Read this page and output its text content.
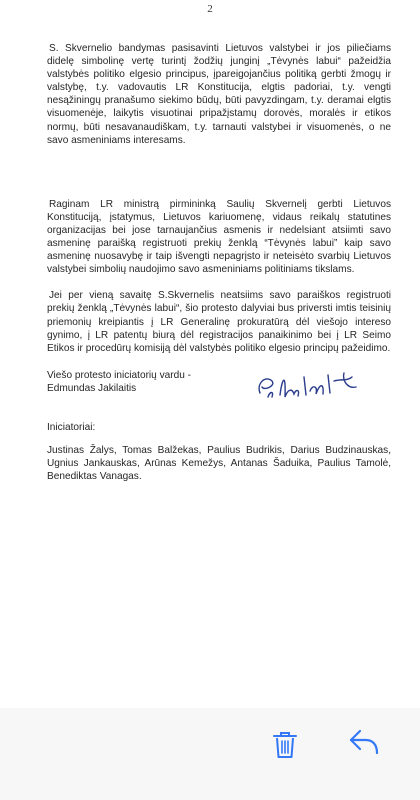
2

S. Skvernelio bandymas pasisavinti Lietuvos valstybei ir jos piliečiams didelę simbolinę vertę turintį žodžių junginį „Tėvynės labui“ pažeidžia valstybės politiko elgesio principus, įpareigojančius politiką gerbti žmogų ir valstybę, t.y. vadovautis LR Konstitucija, elgtis padoriai, t.y. vengti nesąžiningų pranašumo siekimo būdų, būti pavyzdingam, t.y. deramai elgtis visuomenėje, laikytis visuotinai pripažįstamų dorovės, moralės ir etikos normų, būti nesavanaudiškam, t.y. tarnauti valstybei ir visuomenės, o ne savo asmeniniams interesams.

Raginam LR ministrą pirmininką Saulių Skvernelį gerbti Lietuvos Konstituciją, įstatymus, Lietuvos kariuomenę, vidaus reikalų statutines organizacijas bei jose tarnaujančius asmenis ir nedelsiant atsiimti savo asmeninę paraišką registruoti prekių ženklą “Tėvynės labui” kaip savo asmeninę nuosavybę ir taip išvengti nepagrįsto ir neteisėto svarbių Lietuvos valstybei simbolių naudojimo savo asmeniniams politiniams tikslams.

Jei per vieną savaitę S.Skvernelis neatsiims savo paraiškos registruoti prekių ženklą „Tėvynės labui“, šio protesto dalyviai bus priversti imtis teisinių priemonių kreipiantis į LR Generalinę prokuratūrą dėl viešojo intereso gynimo, į LR patentų biurą dėl registracijos panaikinimo bei į LR Seimo Etikos ir procedūrų komisiją dėl valstybės politiko elgesio principų pažeidimo.

Viešo protesto iniciatorių vardu -

Edmundas Jakilaitis

Iniciatoriai:

Justinas Žalys, Tomas Balžekas, Paulius Budrikis, Darius Budzinauskas, Ugnius Jankauskas, Arūnas Kemežys, Antanas Šaduika, Paulius Tamolė, Benediktas Vanagas.
